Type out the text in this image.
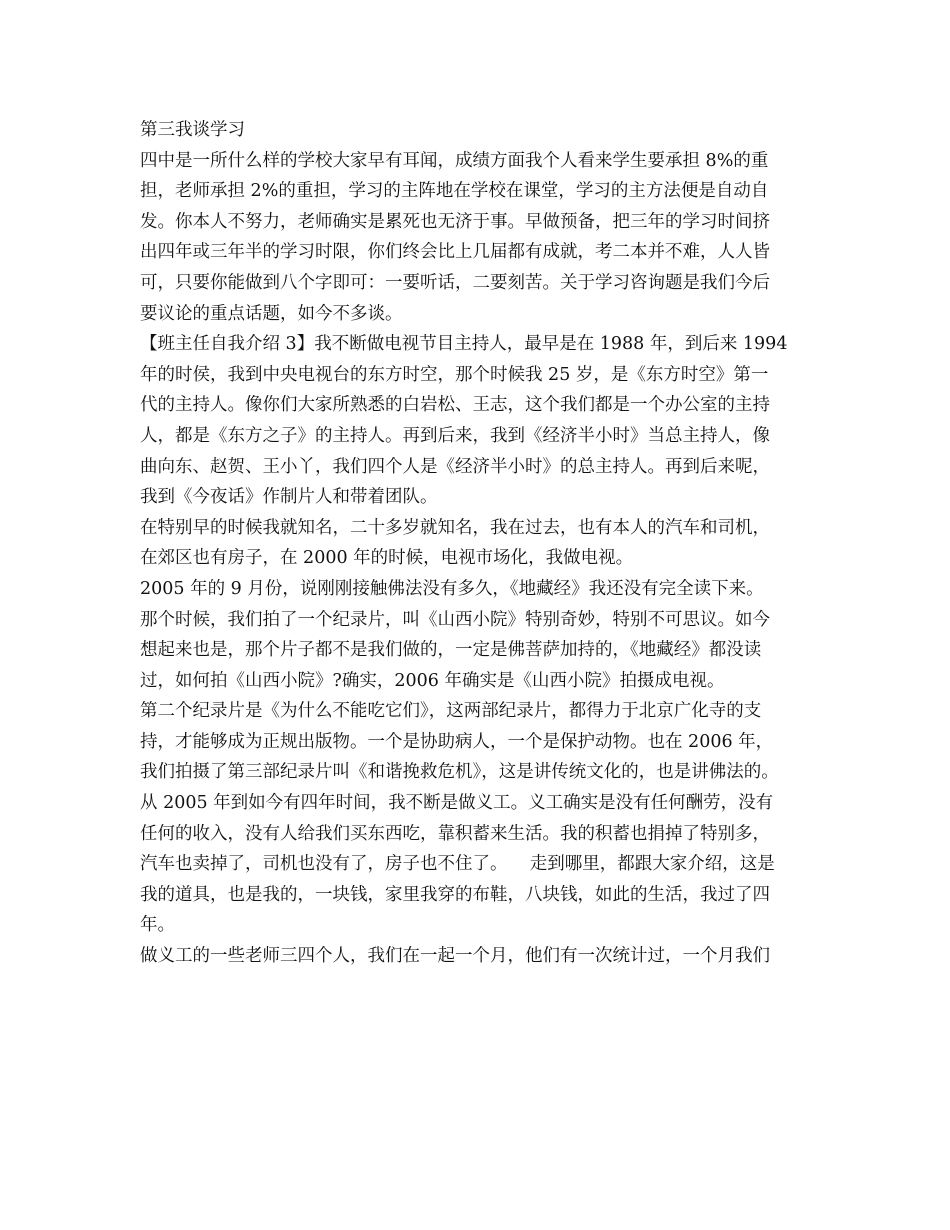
第三我谈学习
四中是一所什么样的学校大家早有耳闻，成绩方面我个人看来学生要承担 8%的重
担，老师承担 2%的重担，学习的主阵地在学校在课堂，学习的主方法便是自动自
发。你本人不努力，老师确实是累死也无济于事。早做预备，把三年的学习时间挤
出四年或三年半的学习时限，你们终会比上几届都有成就，考二本并不难，人人皆
可，只要你能做到八个字即可：一要听话，二要刻苦。关于学习咨询题是我们今后
要议论的重点话题，如今不多谈。
【班主任自我介绍 3】我不断做电视节目主持人，最早是在 1988 年，到后来 1994
年的时侯，我到中央电视台的东方时空，那个时候我 25 岁，是《东方时空》第一
代的主持人。像你们大家所熟悉的白岩松、王志，这个我们都是一个办公室的主持
人，都是《东方之子》的主持人。再到后来，我到《经济半小时》当总主持人，像
曲向东、赵贺、王小丫，我们四个人是《经济半小时》的总主持人。再到后来呢，
我到《今夜话》作制片人和带着团队。
在特别早的时候我就知名，二十多岁就知名，我在过去，也有本人的汽车和司机，
在郊区也有房子，在 2000 年的时候，电视市场化，我做电视。
2005 年的 9 月份，说刚刚接触佛法没有多久，《地藏经》我还没有完全读下来。
那个时候，我们拍了一个纪录片，叫《山西小院》特别奇妙，特别不可思议。如今
想起来也是，那个片子都不是我们做的，一定是佛菩萨加持的，《地藏经》都没读
过，如何拍《山西小院》?确实，2006 年确实是《山西小院》拍摄成电视。
第二个纪录片是《为什么不能吃它们》，这两部纪录片，都得力于北京广化寺的支
持，才能够成为正规出版物。一个是协助病人，一个是保护动物。也在 2006 年，
我们拍摄了第三部纪录片叫《和谐挽救危机》，这是讲传统文化的，也是讲佛法的。
从 2005 年到如今有四年时间，我不断是做义工。义工确实是没有任何酬劳，没有
任何的收入，没有人给我们买东西吃，靠积蓄来生活。我的积蓄也捐掉了特别多，
汽车也卖掉了，司机也没有了，房子也不住了。    走到哪里，都跟大家介绍，这是
我的道具，也是我的，一块钱，家里我穿的布鞋，八块钱，如此的生活，我过了四
年。
做义工的一些老师三四个人，我们在一起一个月，他们有一次统计过，一个月我们
